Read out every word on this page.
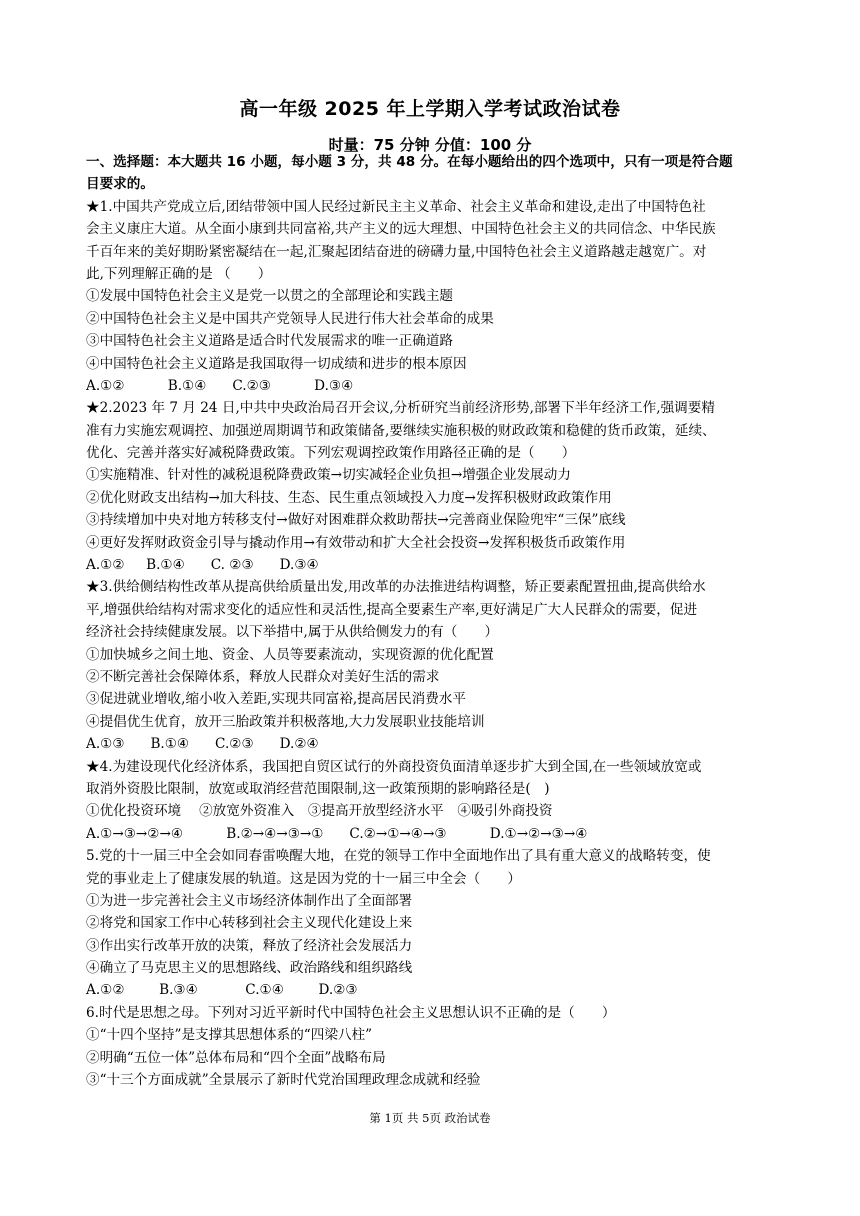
高一年级 2025 年上学期入学考试政治试卷
时量：75 分钟 分值：100 分
一、选择题：本大题共 16 小题，每小题 3 分，共 48 分。在每小题给出的四个选项中，只有一项是符合题
目要求的。
★1.中国共产党成立后,团结带领中国人民经过新民主主义革命、社会主义革命和建设,走出了中国特色社
会主义康庄大道。从全面小康到共同富裕,共产主义的远大理想、中国特色社会主义的共同信念、中华民族
千百年来的美好期盼紧密凝结在一起,汇聚起团结奋进的磅礴力量,中国特色社会主义道路越走越宽广。对
此,下列理解正确的是 （　　）
①发展中国特色社会主义是党一以贯之的全部理论和实践主题
②中国特色社会主义是中国共产党领导人民进行伟大社会革命的成果
③中国特色社会主义道路是适合时代发展需求的唯一正确道路
④中国特色社会主义道路是我国取得一切成绩和进步的根本原因
A.①②          B.①④      C.②③          D.③④
★2.2023 年 7 月 24 日,中共中央政治局召开会议,分析研究当前经济形势,部署下半年经济工作,强调要精
准有力实施宏观调控、加强逆周期调节和政策储备,要继续实施积极的财政政策和稳健的货币政策，延续、
优化、完善并落实好减税降费政策。下列宏观调控政策作用路径正确的是（　　）
①实施精准、针对性的减税退税降费政策→切实减轻企业负担→增强企业发展动力
②优化财政支出结构→加大科技、生态、民生重点领域投入力度→发挥积极财政政策作用
③持续增加中央对地方转移支付→做好对困难群众救助帮扶→完善商业保险兜牢“三保”底线
④更好发挥财政资金引导与撬动作用→有效带动和扩大全社会投资→发挥积极货币政策作用
A.①②     B.①④      C. ②③      D.③④
★3.供给侧结构性改革从提高供给质量出发,用改革的办法推进结构调整，矫正要素配置扭曲,提高供给水
平,增强供给结构对需求变化的适应性和灵活性,提高全要素生产率,更好满足广大人民群众的需要，促进
经济社会持续健康发展。以下举措中,属于从供给侧发力的有（　　）
①加快城乡之间土地、资金、人员等要素流动，实现资源的优化配置
②不断完善社会保障体系，释放人民群众对美好生活的需求
③促进就业增收,缩小收入差距,实现共同富裕,提高居民消费水平
④提倡优生优育，放开三胎政策并积极落地,大力发展职业技能培训
A.①③      B.①④      C.②③      D.②④
★4.为建设现代化经济体系，我国把自贸区试行的外商投资负面清单逐步扩大到全国,在一些领域放宽或
取消外资股比限制，放宽或取消经营范围限制,这一政策预期的影响路径是(　)
①优化投资环境　 ②放宽外资准入　③提高开放型经济水平　④吸引外商投资
A.①→③→②→④          B.②→④→③→①      C.②→①→④→③          D.①→②→③→④
5.党的十一届三中全会如同春雷唤醒大地，在党的领导工作中全面地作出了具有重大意义的战略转变，使
党的事业走上了健康发展的轨道。这是因为党的十一届三中全会（　　）
①为进一步完善社会主义市场经济体制作出了全面部署
②将党和国家工作中心转移到社会主义现代化建设上来
③作出实行改革开放的决策，释放了经济社会发展活力
④确立了马克思主义的思想路线、政治路线和组织路线
A.①②        B.③④           C.①④        D.②③
6.时代是思想之母。下列对习近平新时代中国特色社会主义思想认识不正确的是（　　）
①“十四个坚持”是支撑其思想体系的“四梁八柱”
②明确“五位一体”总体布局和“四个全面”战略布局
③“十三个方面成就”全景展示了新时代党治国理政理念成就和经验
第 1页 共 5页 政治试卷
